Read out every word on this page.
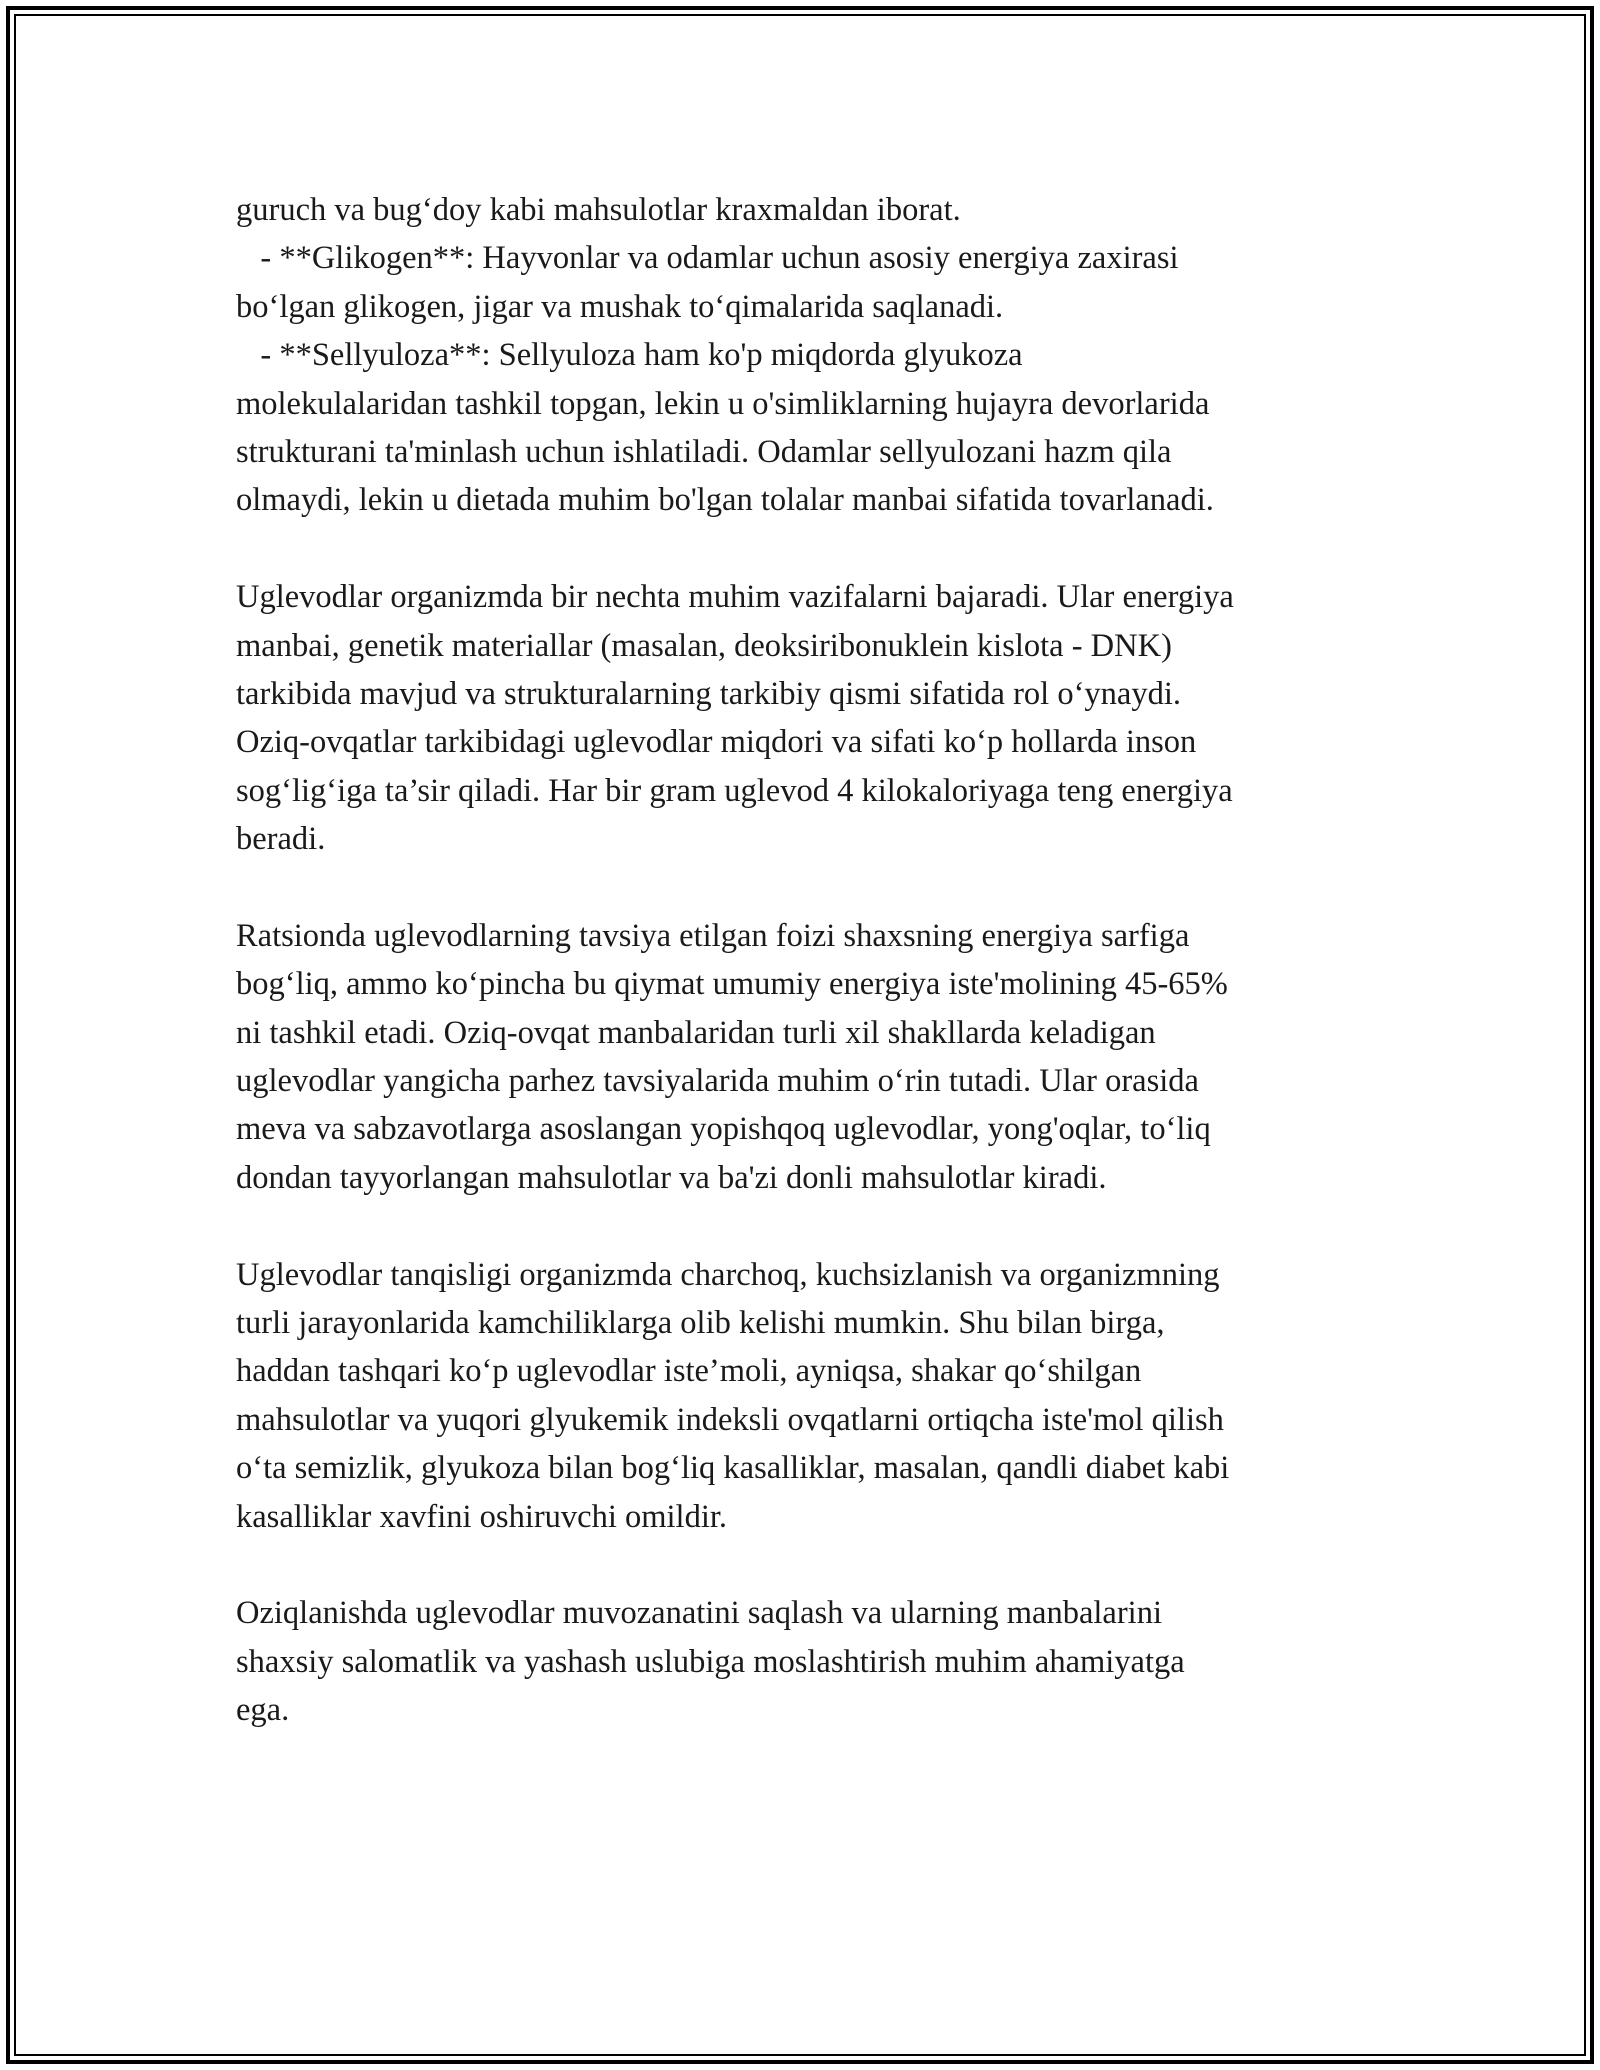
guruch va bug‘doy kabi mahsulotlar kraxmaldan iborat.
- **Glikogen**: Hayvonlar va odamlar uchun asosiy energiya zaxirasi
bo‘lgan glikogen, jigar va mushak to‘qimalarida saqlanadi.
- **Sellyuloza**: Sellyuloza ham ko'p miqdorda glyukoza
molekulalaridan tashkil topgan, lekin u o'simliklarning hujayra devorlarida
strukturani ta'minlash uchun ishlatiladi. Odamlar sellyulozani hazm qila
olmaydi, lekin u dietada muhim bo'lgan tolalar manbai sifatida tovarlanadi.
Uglevodlar organizmda bir nechta muhim vazifalarni bajaradi. Ular energiya
manbai, genetik materiallar (masalan, deoksiribonuklein kislota - DNK)
tarkibida mavjud va strukturalarning tarkibiy qismi sifatida rol o‘ynaydi.
Oziq-ovqatlar tarkibidagi uglevodlar miqdori va sifati ko‘p hollarda inson
sog‘lig‘iga ta’sir qiladi. Har bir gram uglevod 4 kilokaloriyaga teng energiya
beradi.
Ratsionda uglevodlarning tavsiya etilgan foizi shaxsning energiya sarfiga
bog‘liq, ammo ko‘pincha bu qiymat umumiy energiya iste'molining 45-65%
ni tashkil etadi. Oziq-ovqat manbalaridan turli xil shakllarda keladigan
uglevodlar yangicha parhez tavsiyalarida muhim o‘rin tutadi. Ular orasida
meva va sabzavotlarga asoslangan yopishqoq uglevodlar, yong'oqlar, to‘liq
dondan tayyorlangan mahsulotlar va ba'zi donli mahsulotlar kiradi.
Uglevodlar tanqisligi organizmda charchoq, kuchsizlanish va organizmning
turli jarayonlarida kamchiliklarga olib kelishi mumkin. Shu bilan birga,
haddan tashqari ko‘p uglevodlar iste’moli, ayniqsa, shakar qo‘shilgan
mahsulotlar va yuqori glyukemik indeksli ovqatlarni ortiqcha iste'mol qilish
o‘ta semizlik, glyukoza bilan bog‘liq kasalliklar, masalan, qandli diabet kabi
kasalliklar xavfini oshiruvchi omildir.
Oziqlanishda uglevodlar muvozanatini saqlash va ularning manbalarini
shaxsiy salomatlik va yashash uslubiga moslashtirish muhim ahamiyatga
ega.
